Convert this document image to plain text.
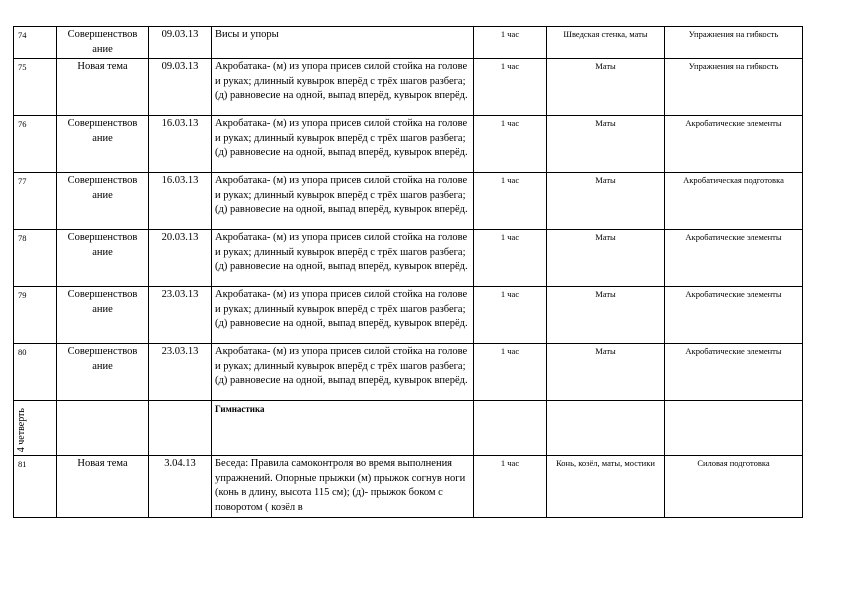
74	Совершенствов ание	09.03.13	Висы и упоры	1 час	Шведская стенка, маты	Упражнения на гибкость
75	Новая тема	09.03.13	Акробатака- (м) из упора присев силой стойка на голове и руках; длинный кувырок вперёд с трёх шагов разбега; (д) равновесие на одной, выпад вперёд, кувырок вперёд.	1 час	Маты	Упражнения на гибкость
76	Совершенствов ание	16.03.13	Акробатака- (м) из упора присев силой стойка на голове и руках; длинный кувырок вперёд с трёх шагов разбега; (д) равновесие на одной, выпад вперёд, кувырок вперёд.	1 час	Маты	Акробатические элементы
77	Совершенствов ание	16.03.13	Акробатака- (м) из упора присев силой стойка на голове и руках; длинный кувырок вперёд с трёх шагов разбега; (д) равновесие на одной, выпад вперёд, кувырок вперёд.	1 час	Маты	Акробатическая подготовка
78	Совершенствов ание	20.03.13	Акробатака- (м) из упора присев силой стойка на голове и руках; длинный кувырок вперёд с трёх шагов разбега; (д) равновесие на одной, выпад вперёд, кувырок вперёд.	1 час	Маты	Акробатические элементы
79	Совершенствов ание	23.03.13	Акробатака- (м) из упора присев силой стойка на голове и руках; длинный кувырок вперёд с трёх шагов разбега; (д) равновесие на одной, выпад вперёд, кувырок вперёд.	1 час	Маты	Акробатические элементы
80	Совершенствов ание	23.03.13	Акробатака- (м) из упора присев силой стойка на голове и руках; длинный кувырок вперёд с трёх шагов разбега; (д) равновесие на одной, выпад вперёд, кувырок вперёд.	1 час	Маты	Акробатические элементы

4 четверть			Гимнастика			
81	Новая тема	3.04.13	Беседа: Правила самоконтроля во время выполнения упражнений. Опорные прыжки (м) прыжок согнув ноги (конь в длину, высота 115 см); (д)- прыжок боком с поворотом ( козёл в	1 час	Конь, козёл, маты, мостики	Силовая подготовка
